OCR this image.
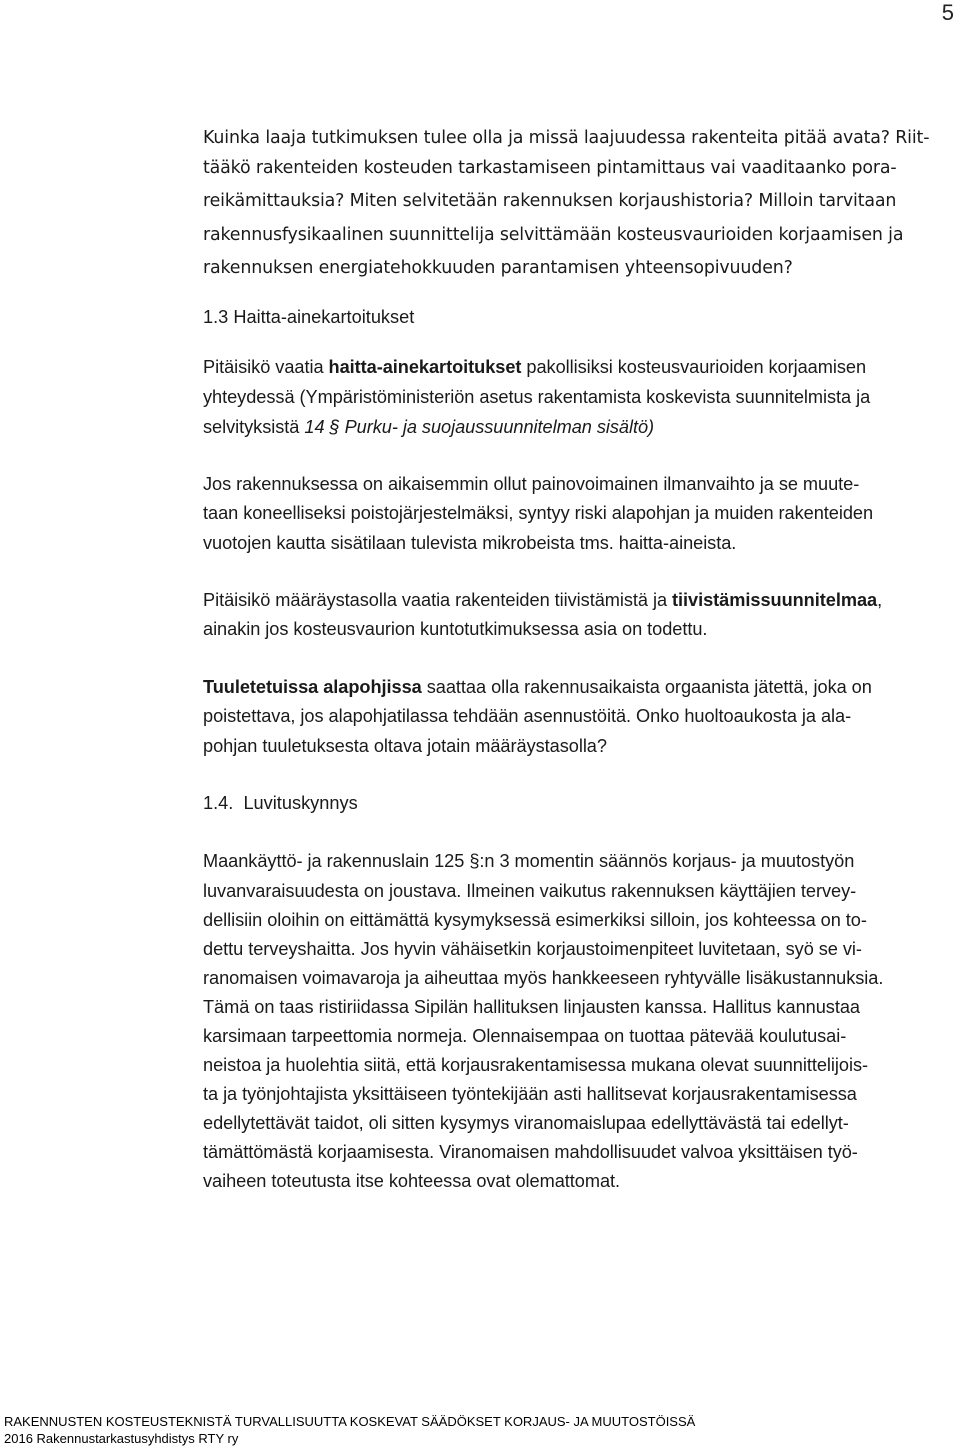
5
Kuinka laaja tutkimuksen tulee olla ja missä laajuudessa rakenteita pitää avata? Riit-
tääkö rakenteiden kosteuden tarkastamiseen pintamittaus vai vaaditaanko pora-
reikämittauksia? Miten selvitetään rakennuksen korjaushistoria? Milloin tarvitaan
rakennusfysikaalinen suunnittelija selvittämään kosteusvaurioiden korjaamisen ja
rakennuksen energiatehokkuuden parantamisen yhteensopivuuden?
1.3 Haitta-ainekartoitukset
Pitäisikö vaatia haitta-ainekartoitukset pakollisiksi kosteusvaurioiden korjaamisen
yhteydessä (Ympäristöministeriön asetus rakentamista koskevista suunnitelmista ja
selvityksistä 14 § Purku- ja suojaussuunnitelman sisältö)
Jos rakennuksessa on aikaisemmin ollut painovoimainen ilmanvaihto ja se muute-
taan koneelliseksi poistojärjestelmäksi, syntyy riski alapohjan ja muiden rakenteiden
vuotojen kautta sisätilaan tulevista mikrobeista tms. haitta-aineista.
Pitäisikö määräystasolla vaatia rakenteiden tiivistämistä ja tiivistämissuunnitelmaa,
ainakin jos kosteusvaurion kuntotutkimuksessa asia on todettu.
Tuuletetuissa alapohjissa saattaa olla rakennusaikaista orgaanista jätettä, joka on
poistettava, jos alapohjatilassa tehdään asennustöitä. Onko huoltoaukosta ja ala-
pohjan tuuletuksesta oltava jotain määräystasolla?
1.4.  Luvituskynnys
Maankäyttö- ja rakennuslain 125 §:n 3 momentin säännös korjaus- ja muutostyön
luvanvaraisuudesta on joustava. Ilmeinen vaikutus rakennuksen käyttäjien tervey-
dellisiin oloihin on eittämättä kysymyksessä esimerkiksi silloin, jos kohteessa on to-
dettu terveyshaitta. Jos hyvin vähäisetkin korjaustoimenpiteet luvitetaan, syö se vi-
ranomaisen voimavaroja ja aiheuttaa myös hankkeeseen ryhtyvälle lisäkustannuksia.
Tämä on taas ristiriidassa Sipilän hallituksen linjausten kanssa. Hallitus kannustaa
karsimaan tarpeettomia normeja. Olennaisempaa on tuottaa pätevää koulutusai-
neistoa ja huolehtia siitä, että korjausrakentamisessa mukana olevat suunnittelijois-
ta ja työnjohtajista yksittäiseen työntekijään asti hallitsevat korjausrakentamisessa
edellytettävät taidot, oli sitten kysymys viranomaislupaa edellyttävästä tai edellyt-
tämättömästä korjaamisesta. Viranomaisen mahdollisuudet valvoa yksittäisen työ-
vaiheen toteutusta itse kohteessa ovat olemattomat.
RAKENNUSTEN KOSTEUSTEKNISTÄ TURVALLISUUTTA KOSKEVAT SÄÄDÖKSET KORJAUS- JA MUUTOSTÖISSÄ
2016 Rakennustarkastusyhdistys RTY ry
